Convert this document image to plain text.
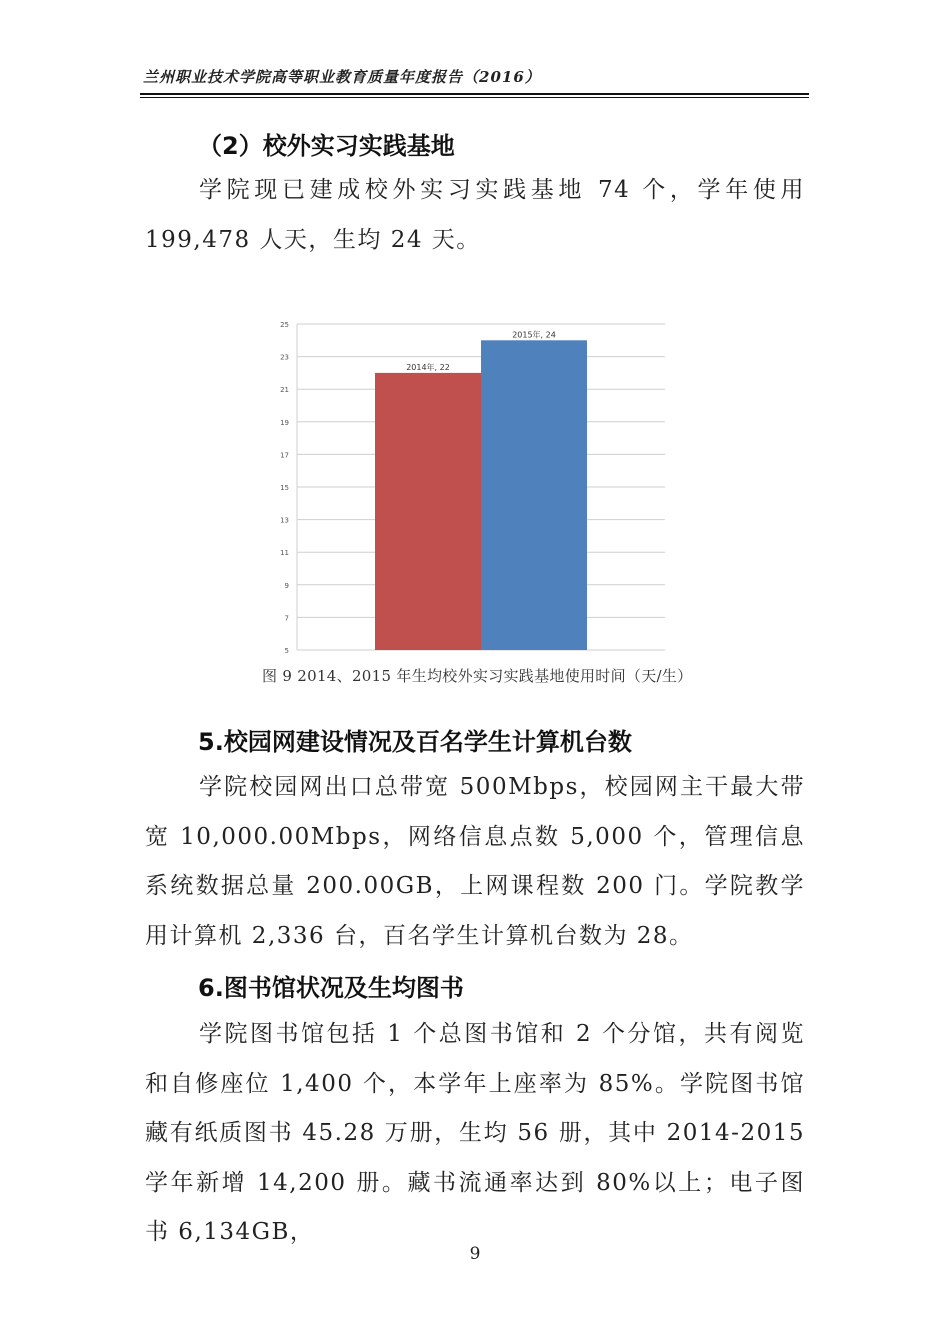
兰州职业技术学院高等职业教育质量年度报告（2016）
（2）校外实习实践基地

学院现已建成校外实习实践基地 74 个，学年使用 199,478 人天，生均 24 天。

5
7
9
11
13
15
17
19
21
23
25
2014年, 22
2015年, 24
图 9 2014、2015 年生均校外实习实践基地使用时间（天/生）
5.校园网建设情况及百名学生计算机台数

学院校园网出口总带宽 500Mbps，校园网主干最大带宽 10,000.00Mbps，网络信息点数 5,000 个，管理信息系统数据总量 200.00GB，上网课程数 200 门。学院教学用计算机 2,336 台，百名学生计算机台数为 28。

6.图书馆状况及生均图书

学院图书馆包括 1 个总图书馆和 2 个分馆，共有阅览和自修座位 1,400 个，本学年上座率为 85%。学院图书馆藏有纸质图书 45.28 万册，生均 56 册，其中 2014-2015 学年新增 14,200 册。藏书流通率达到 80%以上；电子图书 6,134GB，

9
